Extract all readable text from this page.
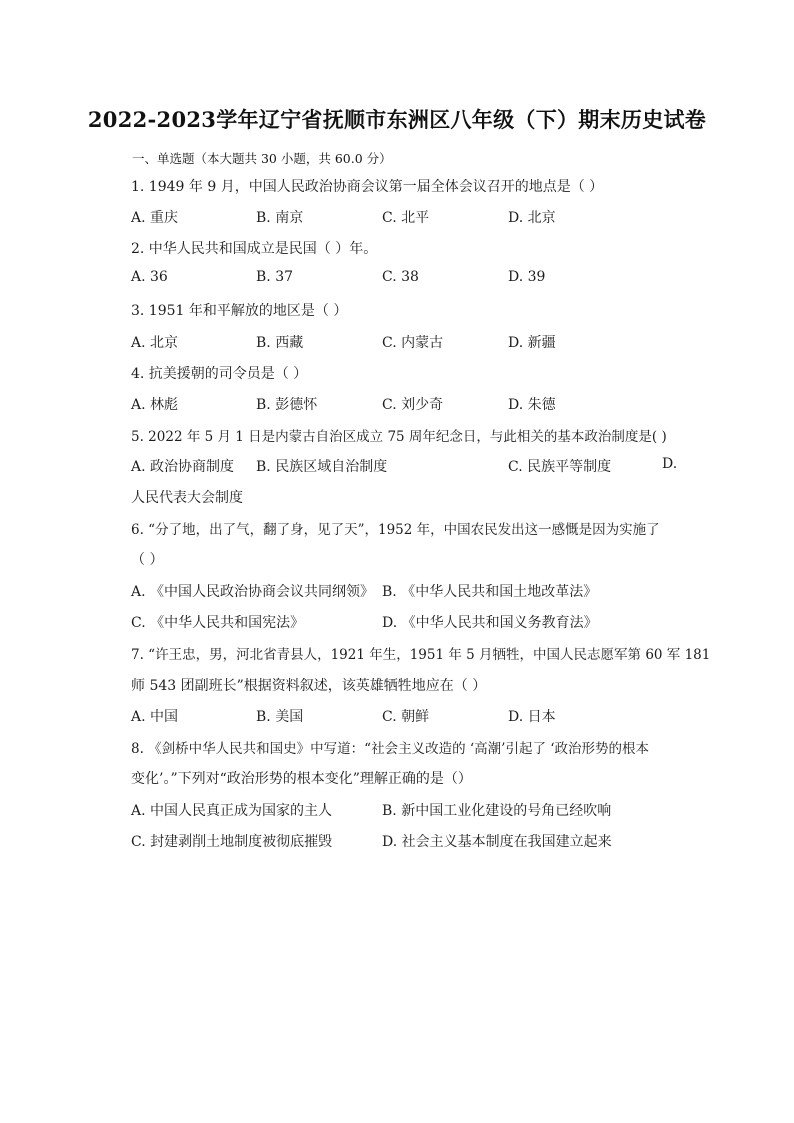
2022-2023学年辽宁省抚顺市东洲区八年级（下）期末历史试卷
一、单选题（本大题共 30 小题，共 60.0 分）
1. 1949 年 9 月，中国人民政治协商会议第一届全体会议召开的地点是（ ）
A. 重庆	B. 南京	C. 北平	D. 北京
2. 中华人民共和国成立是民国（ ）年。
A. 36	B. 37	C. 38	D. 39
3. 1951 年和平解放的地区是（ ）
A. 北京	B. 西藏	C. 内蒙古	D. 新疆
4. 抗美援朝的司令员是（ ）
A. 林彪	B. 彭德怀	C. 刘少奇	D. 朱德
5. 2022 年 5 月 1 日是内蒙古自治区成立 75 周年纪念日，与此相关的基本政治制度是( )
A. 政治协商制度 B. 民族区域自治制度	C. 民族平等制度	D.
人民代表大会制度
6. “分了地，出了气，翻了身，见了天”，1952 年，中国农民发出这一感慨是因为实施了
（ ）
A. 《中国人民政治协商会议共同纲领》 B. 《中华人民共和国土地改革法》
C. 《中华人民共和国宪法》	D. 《中华人民共和国义务教育法》
7. “许王忠，男，河北省青县人，1921 年生，1951 年 5 月牺牲，中国人民志愿军第 60 军 181
师 543 团副班长”根据资料叙述，该英雄牺牲地应在（ ）
A. 中国	B. 美国	C. 朝鲜	D. 日本
8. 《剑桥中华人民共和国史》中写道：“社会主义改造的 ‘高潮’引起了 ‘政治形势的根本
变化’。”下列对“政治形势的根本变化”理解正确的是（）
A. 中国人民真正成为国家的主人	B. 新中国工业化建设的号角已经吹响
C. 封建剥削土地制度被彻底摧毁	D. 社会主义基本制度在我国建立起来
